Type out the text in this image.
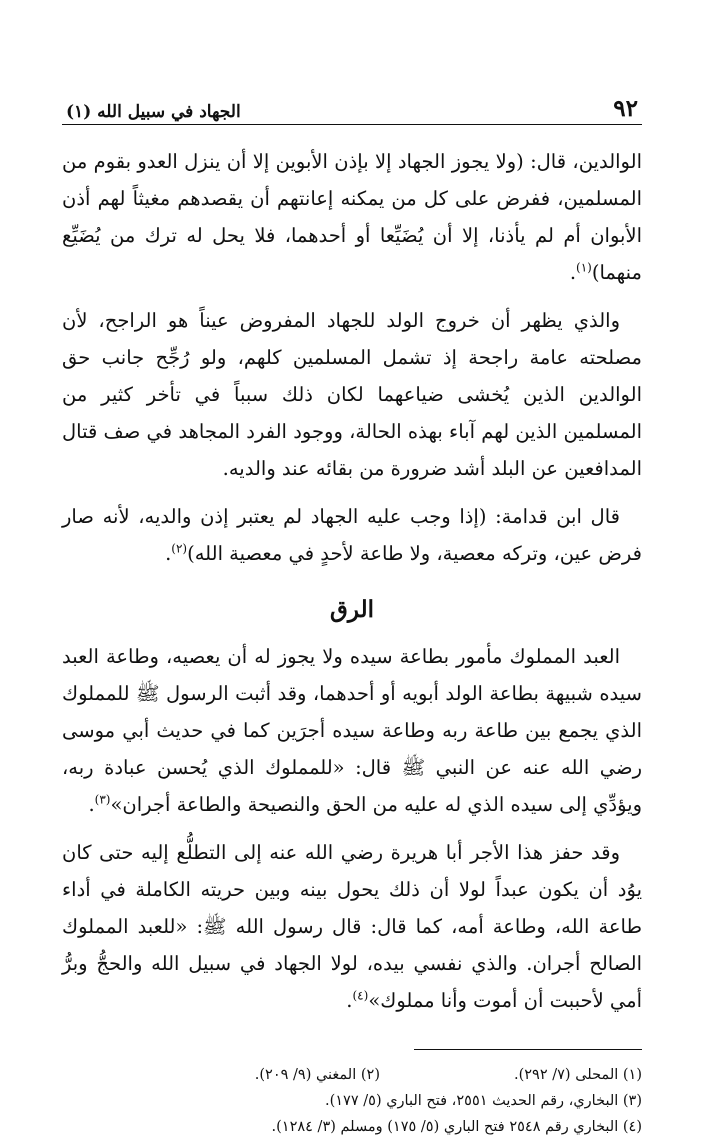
٩٢
الجهاد في سبيل الله (١)

الوالدين، قال: (ولا يجوز الجهاد إلا بإذن الأبوين إلا أن ينزل العدو بقوم من المسلمين، ففرض على كل من يمكنه إعانتهم أن يقصدهم مغيثاً لهم أذن الأبوان أم لم يأذنا، إلا أن يُضَيِّعا أو أحدهما، فلا يحل له ترك من يُضَيِّع منهما)$^{(١)}$.

والذي يظهر أن خروج الولد للجهاد المفروض عيناً هو الراجح، لأن مصلحته عامة راجحة إذ تشمل المسلمين كلهم، ولو رُجِّح جانب حق الوالدين الذين يُخشى ضياعهما لكان ذلك سبباً في تأخر كثير من المسلمين الذين لهم آباء بهذه الحالة، ووجود الفرد المجاهد في صف قتال المدافعين عن البلد أشد ضرورة من بقائه عند والديه.

قال ابن قدامة: (إذا وجب عليه الجهاد لم يعتبر إذن والديه، لأنه صار فرض عين، وتركه معصية، ولا طاعة لأحدٍ في معصية الله)$^{(٢)}$.

الرق

العبد المملوك مأمور بطاعة سيده ولا يجوز له أن يعصيه، وطاعة العبد سيده شبيهة بطاعة الولد أبويه أو أحدهما، وقد أثبت الرسول ﷺ للمملوك الذي يجمع بين طاعة ربه وطاعة سيده أجرَين كما في حديث أبي موسى رضي الله عنه عن النبي ﷺ قال: «للمملوك الذي يُحسن عبادة ربه، ويؤدِّي إلى سيده الذي له عليه من الحق والنصيحة والطاعة أجران»$^{(٣)}$.

وقد حفز هذا الأجر أبا هريرة رضي الله عنه إلى التطلُّع إليه حتى كان يوُد أن يكون عبداً لولا أن ذلك يحول بينه وبين حريته الكاملة في أداء طاعة الله، وطاعة أمه، كما قال: قال رسول الله ﷺ: «للعبد المملوك الصالح أجران. والذي نفسي بيده، لولا الجهاد في سبيل الله والحجُّ وبرُّ أمي لأحببت أن أموت وأنا مملوك»$^{(٤)}$.

(١) المحلى (٧/ ٢٩٢).(٢) المغني (٩/ ٢٠٩).
(٣) البخاري، رقم الحديث ٢٥٥١، فتح الباري (٥/ ١٧٧).
(٤) البخاري رقم ٢٥٤٨ فتح الباري (٥/ ١٧٥) ومسلم (٣/ ١٢٨٤).
